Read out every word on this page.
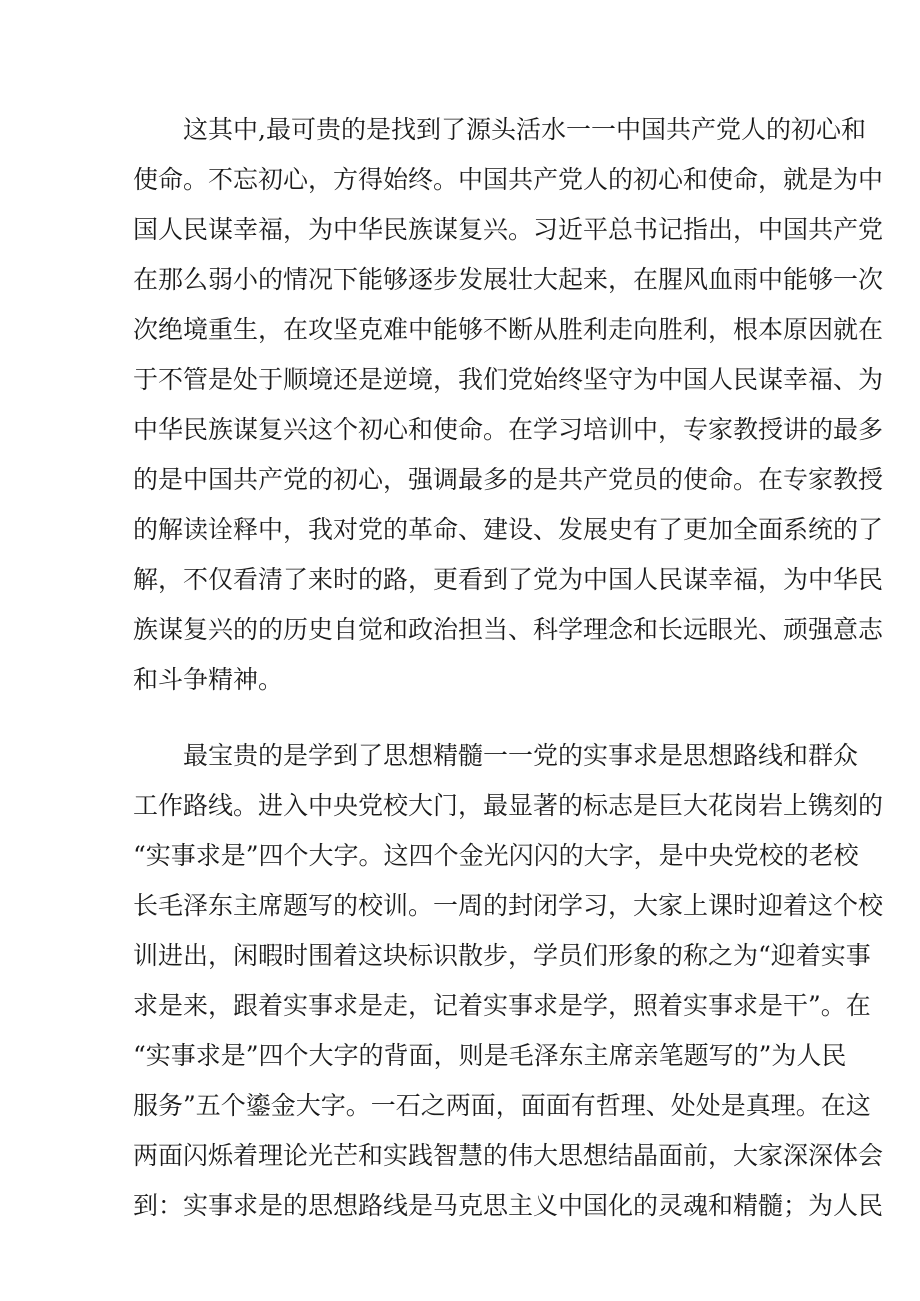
这其中,最可贵的是找到了源头活水一一中国共产党人的初心和
使命。不忘初心，方得始终。中国共产党人的初心和使命，就是为中
国人民谋幸福，为中华民族谋复兴。习近平总书记指出，中国共产党
在那么弱小的情况下能够逐步发展壮大起来，在腥风血雨中能够一次
次绝境重生，在攻坚克难中能够不断从胜利走向胜利，根本原因就在
于不管是处于顺境还是逆境，我们党始终坚守为中国人民谋幸福、为
中华民族谋复兴这个初心和使命。在学习培训中，专家教授讲的最多
的是中国共产党的初心，强调最多的是共产党员的使命。在专家教授
的解读诠释中，我对党的革命、建设、发展史有了更加全面系统的了
解，不仅看清了来时的路，更看到了党为中国人民谋幸福，为中华民
族谋复兴的的历史自觉和政治担当、科学理念和长远眼光、顽强意志
和斗争精神。
最宝贵的是学到了思想精髓一一党的实事求是思想路线和群众
工作路线。进入中央党校大门，最显著的标志是巨大花岗岩上镌刻的
“实事求是”四个大字。这四个金光闪闪的大字，是中央党校的老校
长毛泽东主席题写的校训。一周的封闭学习，大家上课时迎着这个校
训进出，闲暇时围着这块标识散步，学员们形象的称之为“迎着实事
求是来，跟着实事求是走，记着实事求是学，照着实事求是干”。在
“实事求是”四个大字的背面，则是毛泽东主席亲笔题写的”为人民
服务”五个鎏金大字。一石之两面，面面有哲理、处处是真理。在这
两面闪烁着理论光芒和实践智慧的伟大思想结晶面前，大家深深体会
到：实事求是的思想路线是马克思主义中国化的灵魂和精髓；为人民
